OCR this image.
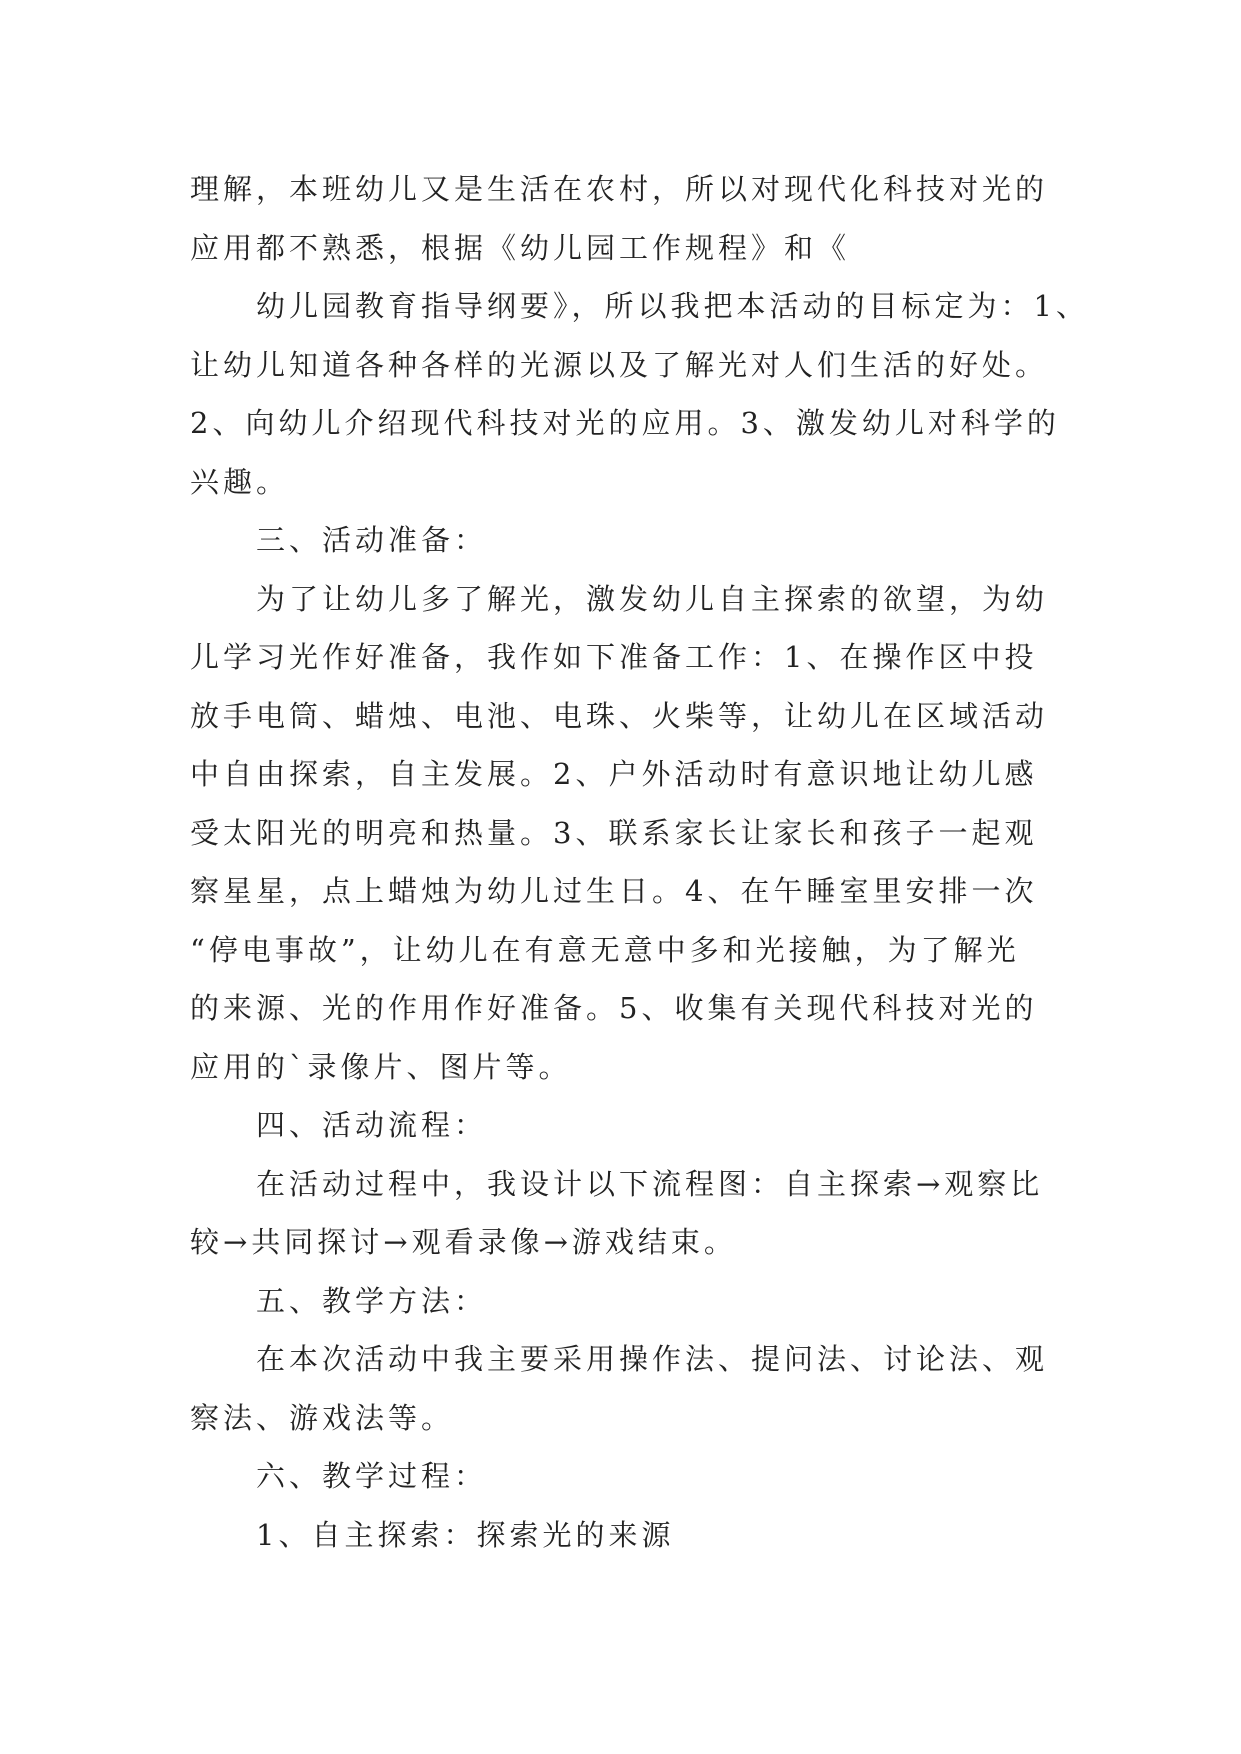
理解，本班幼儿又是生活在农村，所以对现代化科技对光的
应用都不熟悉，根据《幼儿园工作规程》和《
幼儿园教育指导纲要》，所以我把本活动的目标定为：1、
让幼儿知道各种各样的光源以及了解光对人们生活的好处。
2、向幼儿介绍现代科技对光的应用。3、激发幼儿对科学的
兴趣。
三、活动准备：
为了让幼儿多了解光，激发幼儿自主探索的欲望，为幼
儿学习光作好准备，我作如下准备工作：1、在操作区中投
放手电筒、蜡烛、电池、电珠、火柴等，让幼儿在区域活动
中自由探索，自主发展。2、户外活动时有意识地让幼儿感
受太阳光的明亮和热量。3、联系家长让家长和孩子一起观
察星星，点上蜡烛为幼儿过生日。4、在午睡室里安排一次
“停电事故”，让幼儿在有意无意中多和光接触，为了解光
的来源、光的作用作好准备。5、收集有关现代科技对光的
应用的`录像片、图片等。
四、活动流程：
在活动过程中，我设计以下流程图：自主探索→观察比
较→共同探讨→观看录像→游戏结束。
五、教学方法：
在本次活动中我主要采用操作法、提问法、讨论法、观
察法、游戏法等。
六、教学过程：
1、自主探索：探索光的来源
